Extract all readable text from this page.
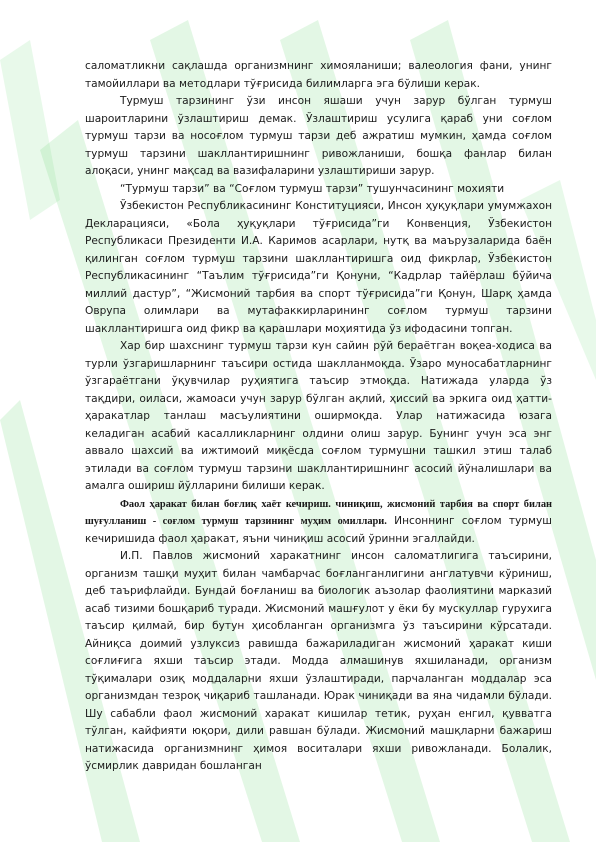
саломатликни сақлашда организмнинг химояланиши; валеология фани, унинг тамойиллари ва методлари тўғрисида билимларга эга бўлиши керак.

Турмуш тарзининг ўзи инсон яшаши учун зарур бўлган турмуш шароитларини ўзлаштириш демак. Ўзлаштириш усулига қараб уни соғлом турмуш тарзи ва носоғлом турмуш тарзи деб ажратиш мумкин, ҳамда соғлом турмуш тарзини шакллантиришнинг ривожланиши, бошқа фанлар билан алоқаси, унинг мақсад ва вазифаларини узлаштириши зарур.

“Турмуш тарзи” ва “Соғлом турмуш тарзи” тушунчасининг мохияти

Ўзбекистон Республикасининг Конституцияси, Инсон ҳуқуқлари умумжахон Декларацияси, «Бола ҳуқуқлари тўғрисида”ги Конвенция, Ўзбекистон Республикаси Президенти И.А. Каримов асарлари, нутқ ва маърузаларида баён қилинган соғлом турмуш тарзини шакллантиришга оид фикрлар, Ўзбекистон Республикасининг “Таълим тўғрисида”ги Қонуни, “Кадрлар тайёрлаш бўйича миллий дастур”, “Жисмоний тарбия ва спорт тўғрисида”ги Қонун, Шарқ ҳамда Оврупа олимлари ва мутафаккирларининг соғлом турмуш тарзини шакллантиришга оид фикр ва қарашлари моҳиятида ўз ифодасини топган.

Хар бир шахснинг турмуш тарзи кун сайин рўй бераётган воқеа-ходиса ва турли ўзгаришларнинг таъсири остида шаклланмоқда. Ўзаро муносабатларнинг ўзгараётгани ўқувчилар руҳиятига таъсир этмоқда. Натижада уларда ўз тақдири, оиласи, жамоаси учун зарур бўлган ақлий, ҳиссий ва эркига оид ҳатти-ҳаракатлар танлаш масъулиятини оширмоқда. Улар натижасида юзага келадиган асабий касалликларнинг олдини олиш зарур. Бунинг учун эса энг аввало шахсий ва ижтимоий миқёсда соғлом турмушни ташкил этиш талаб этилади ва соғлом турмуш тарзини шакллантиришнинг асосий йўналишлари ва амалга ошириш йўлларини билиши керак.

Фаол ҳаракат билан боғлиқ хаёт кечириш. чиниқиш, жисмоний тарбия ва спорт билан шуғулланиш - соғлом турмуш тарзининг муҳим омиллари. Инсоннинг соғлом турмуш кечиришида фаол ҳаракат, яъни чиниқиш асосий ўринни эгаллайди.

И.П. Павлов жисмоний харакатнинг инсон саломатлигига таъсирини, организм ташқи муҳит билан чамбарчас боғланганлигини англатувчи кўриниш, деб таърифлайди. Бундай боғланиш ва биологик аъзолар фаолиятини марказий асаб тизими бошқариб туради. Жисмоний машғулот у ёки бу мускуллар гурухига таъсир қилмай, бир бутун ҳисобланган организмга ўз таъсирини кўрсатади. Айниқса доимий узлуксиз равишда бажариладиган жисмоний ҳаракат киши соғлиғига яхши таъсир этади. Модда алмашинув яхшиланади, организм тўқималари озиқ моддаларни яхши ўзлаштиради, парчаланган моддалар эса организмдан тезроқ чиқариб ташланади. Юрак чиниқади ва яна чидамли бўлади. Шу сабабли фаол жисмоний харакат кишилар тетик, руҳан енгил, қувватга тўлган, кайфияти юқори, дили равшан бўлади. Жисмоний машқларни бажариш натижасида организмнинг ҳимоя воситалари яхши ривожланади. Болалик, ўсмирлик давридан бошланган
